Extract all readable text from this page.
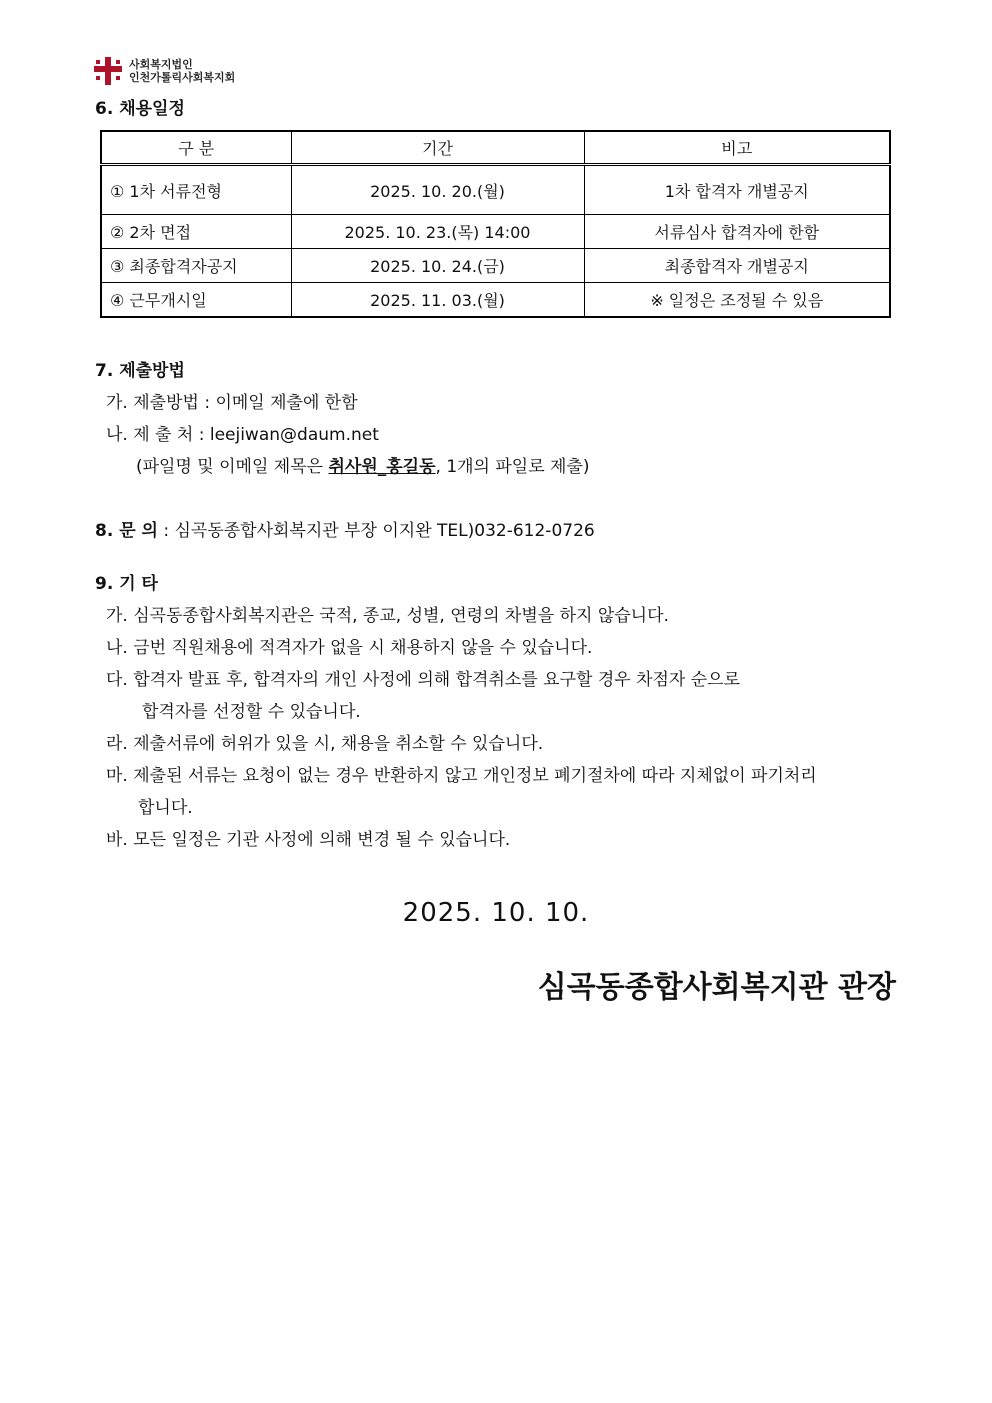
사회복지법인
인천가톨릭사회복지회
6. 채용일정
구 분	기간	비고
① 1차 서류전형	2025. 10. 20.(월)	1차 합격자 개별공지
② 2차 면접	2025. 10. 23.(목) 14:00	서류심사 합격자에 한함
③ 최종합격자공지	2025. 10. 24.(금)	최종합격자 개별공지
④ 근무개시일	2025. 11. 03.(월)	※ 일정은 조정될 수 있음
7. 제출방법
가. 제출방법 : 이메일 제출에 한함
나. 제 출 처 : leejiwan@daum.net
(파일명 및 이메일 제목은 취사원_홍길동, 1개의 파일로 제출)
8. 문 의 : 심곡동종합사회복지관 부장 이지완 TEL)032-612-0726
9. 기 타
가. 심곡동종합사회복지관은 국적, 종교, 성별, 연령의 차별을 하지 않습니다.
나. 금번 직원채용에 적격자가 없을 시 채용하지 않을 수 있습니다.
다. 합격자 발표 후, 합격자의 개인 사정에 의해 합격취소를 요구할 경우 차점자 순으로
합격자를 선정할 수 있습니다.
라. 제출서류에 허위가 있을 시, 채용을 취소할 수 있습니다.
마. 제출된 서류는 요청이 없는 경우 반환하지 않고 개인정보 폐기절차에 따라 지체없이 파기처리
합니다.
바. 모든 일정은 기관 사정에 의해 변경 될 수 있습니다.
2025. 10. 10.
심곡동종합사회복지관 관장
